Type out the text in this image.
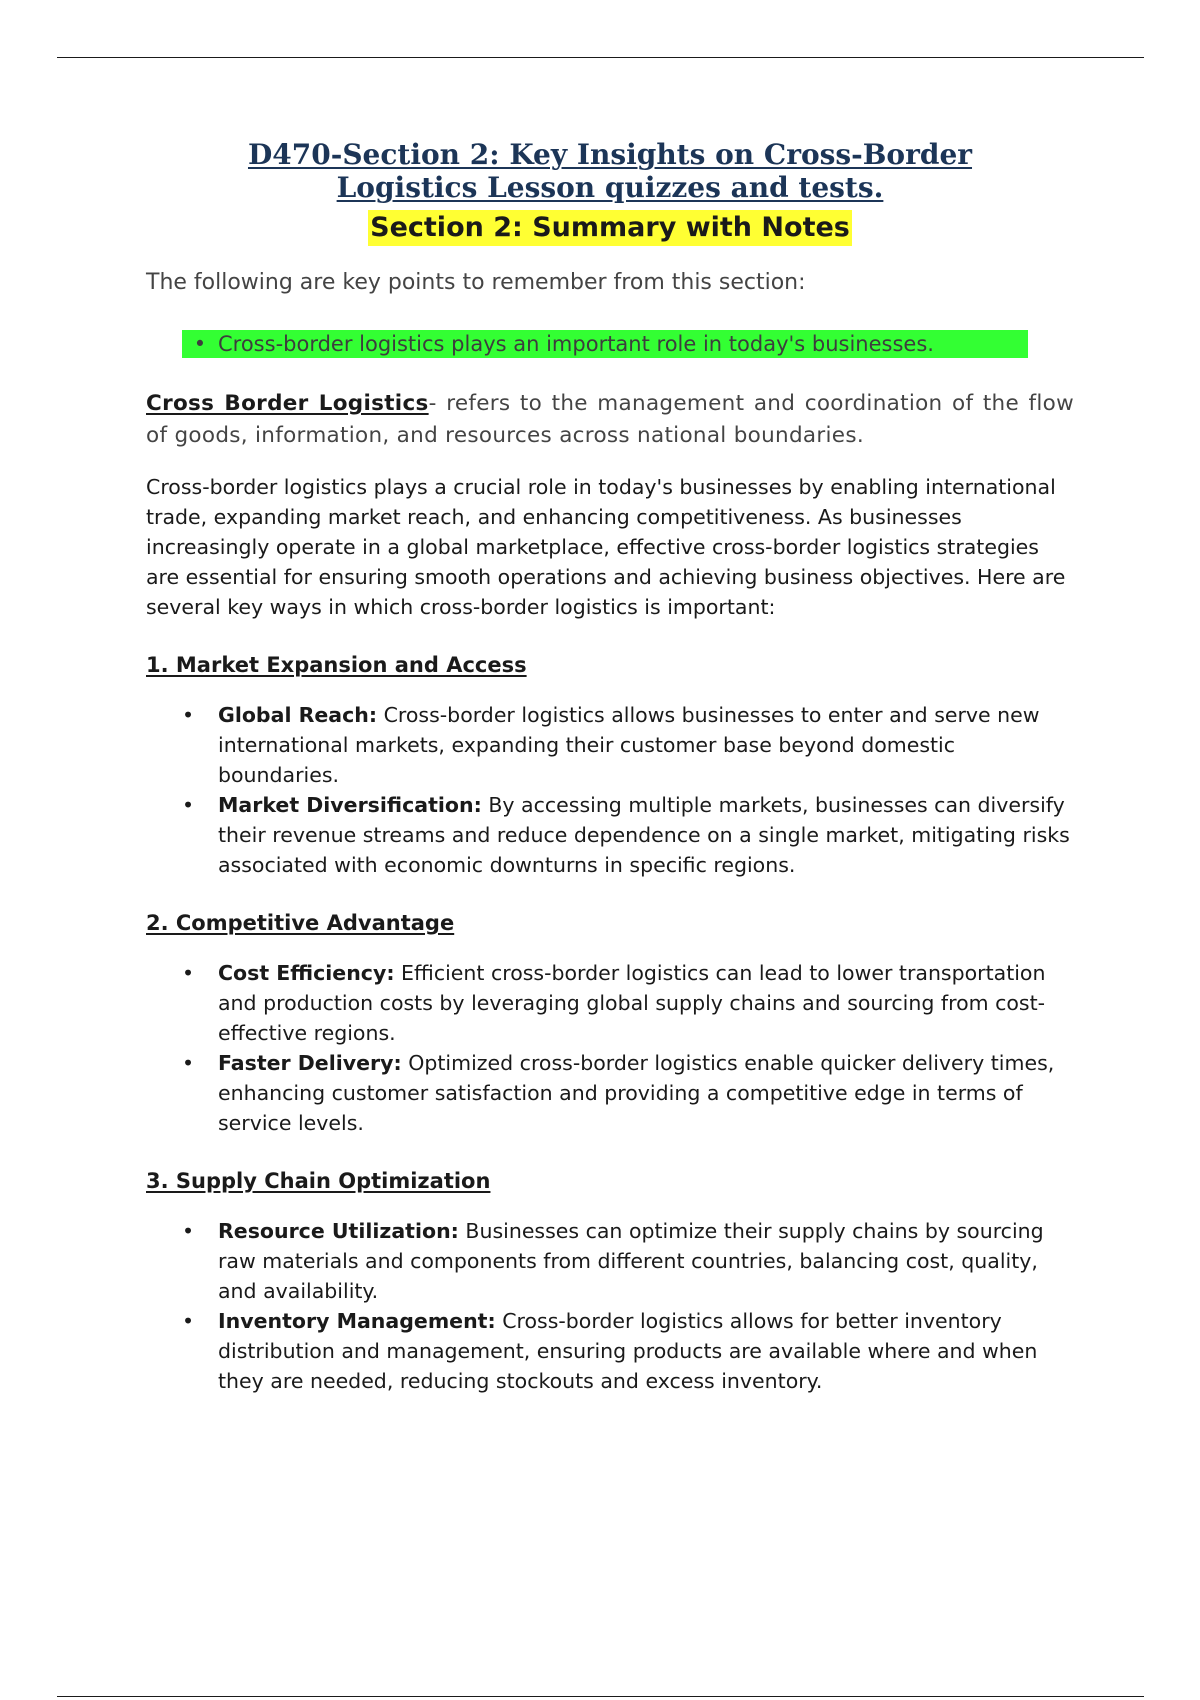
D470-Section 2: Key Insights on Cross-Border
Logistics Lesson quizzes and tests.
Section 2: Summary with Notes
The following are key points to remember from this section:
• Cross-border logistics plays an important role in today's businesses.
Cross Border Logistics- refers to the management and coordination of the flow of goods, information, and resources across national boundaries.
Cross-border logistics plays a crucial role in today's businesses by enabling international trade, expanding market reach, and enhancing competitiveness. As businesses increasingly operate in a global marketplace, effective cross-border logistics strategies are essential for ensuring smooth operations and achieving business objectives. Here are several key ways in which cross-border logistics is important:
1. Market Expansion and Access
• Global Reach: Cross-border logistics allows businesses to enter and serve new international markets, expanding their customer base beyond domestic boundaries.
• Market Diversification: By accessing multiple markets, businesses can diversify their revenue streams and reduce dependence on a single market, mitigating risks associated with economic downturns in specific regions.
2. Competitive Advantage
• Cost Efficiency: Efficient cross-border logistics can lead to lower transportation and production costs by leveraging global supply chains and sourcing from cost-effective regions.
• Faster Delivery: Optimized cross-border logistics enable quicker delivery times, enhancing customer satisfaction and providing a competitive edge in terms of service levels.
3. Supply Chain Optimization
• Resource Utilization: Businesses can optimize their supply chains by sourcing raw materials and components from different countries, balancing cost, quality, and availability.
• Inventory Management: Cross-border logistics allows for better inventory distribution and management, ensuring products are available where and when they are needed, reducing stockouts and excess inventory.
